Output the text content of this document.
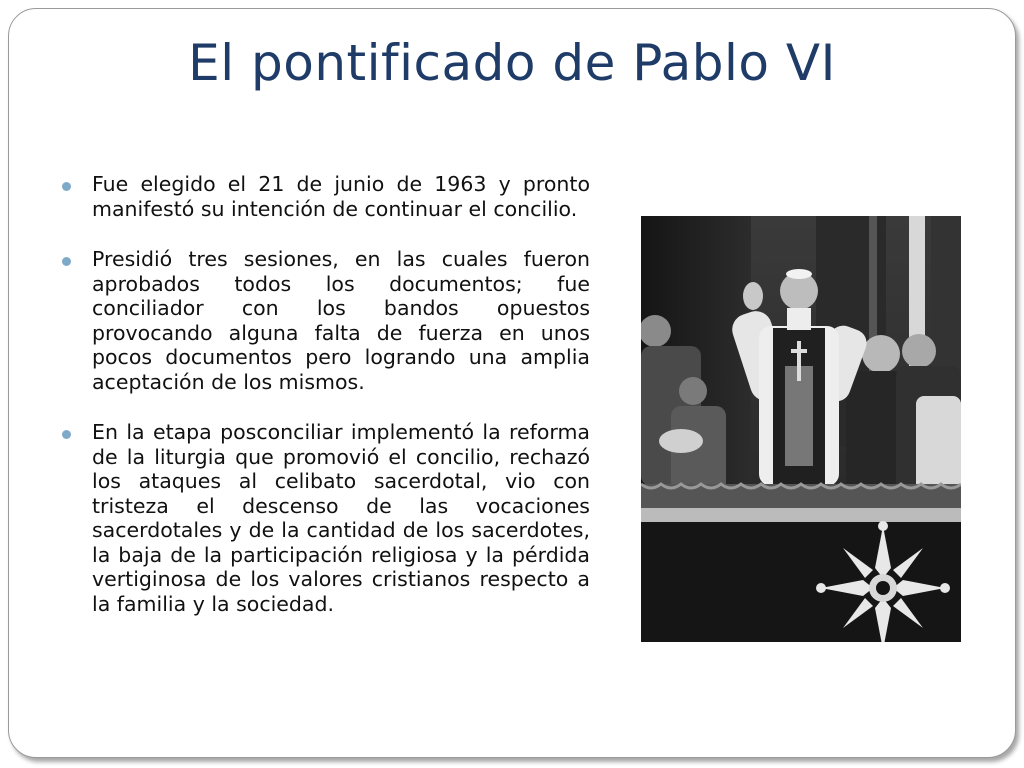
El pontificado de Pablo VI
Fue elegido el 21 de junio de 1963 y pronto manifestó su intención de continuar el concilio.
Presidió tres sesiones, en las cuales fueron aprobados todos los documentos; fue conciliador con los bandos opuestos provocando alguna falta de fuerza en unos pocos documentos pero logrando una amplia aceptación de los mismos.
En la etapa posconciliar implementó la reforma de la liturgia que promovió el concilio, rechazó los ataques al celibato sacerdotal, vio con tristeza el descenso de las vocaciones sacerdotales y de la cantidad de los sacerdotes, la baja de la participación religiosa y la pérdida vertiginosa de los valores cristianos respecto a la familia y la sociedad.
